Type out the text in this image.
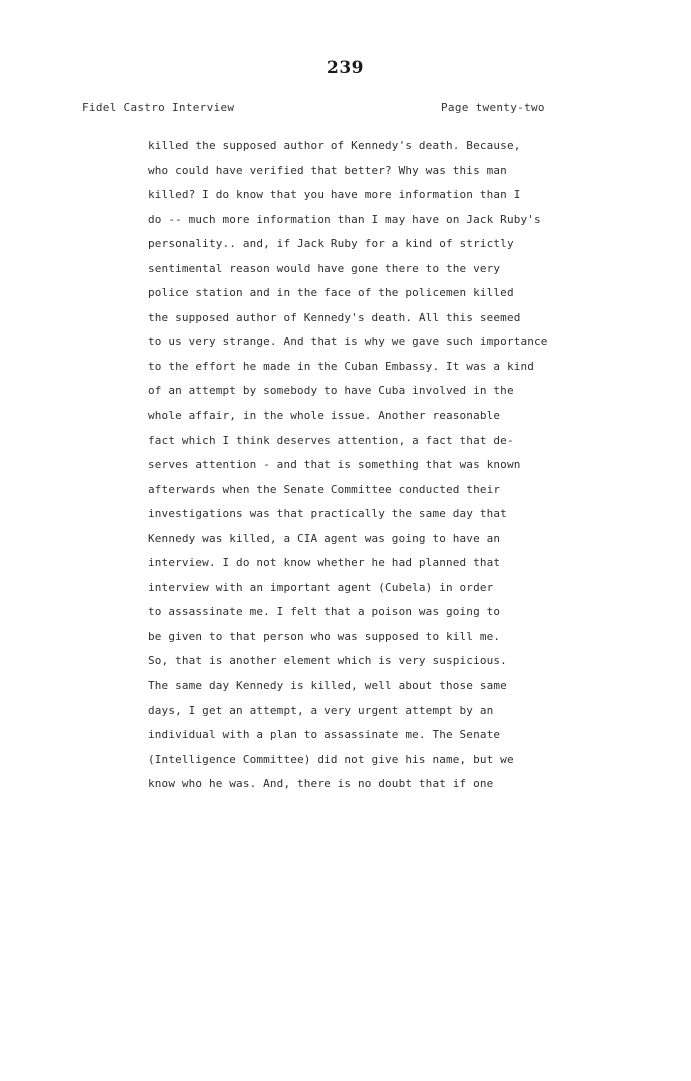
239
Fidel Castro Interview	Page twenty-two
killed the supposed author of Kennedy's death. Because,
who could have verified that better? Why was this man
killed? I do know that you have more information than I
do -- much more information than I may have on Jack Ruby's
personality.. and, if Jack Ruby for a kind of strictly
sentimental reason would have gone there to the very
police station and in the face of the policemen killed
the supposed author of Kennedy's death. All this seemed
to us very strange. And that is why we gave such importance
to the effort he made in the Cuban Embassy. It was a kind
of an attempt by somebody to have Cuba involved in the
whole affair, in the whole issue. Another reasonable
fact which I think deserves attention, a fact that de-
serves attention - and that is something that was known
afterwards when the Senate Committee conducted their
investigations was that practically the same day that
Kennedy was killed, a CIA agent was going to have an
interview. I do not know whether he had planned that
interview with an important agent (Cubela) in order
to assassinate me. I felt that a poison was going to
be given to that person who was supposed to kill me.
So, that is another element which is very suspicious.
The same day Kennedy is killed, well about those same
days, I get an attempt, a very urgent attempt by an
individual with a plan to assassinate me. The Senate
(Intelligence Committee) did not give his name, but we
know who he was. And, there is no doubt that if one
